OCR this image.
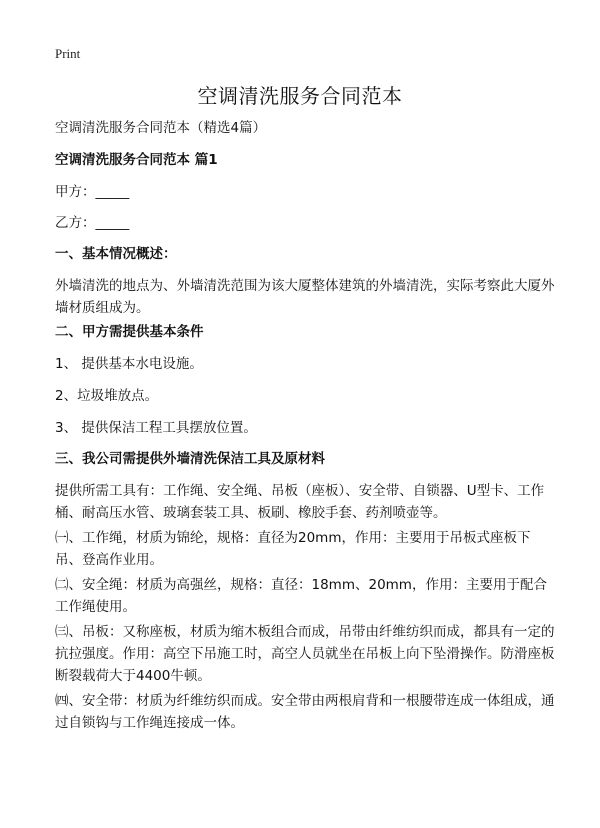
Print
空调清洗服务合同范本
空调清洗服务合同范本（精选4篇）
空调清洗服务合同范本 篇1
甲方：_____
乙方：_____
一、基本情况概述：
外墙清洗的地点为、外墙清洗范围为该大厦整体建筑的外墙清洗，实际考察此大厦外墙材质组成为。
二、甲方需提供基本条件
1、 提供基本水电设施。
2、垃圾堆放点。
3、 提供保洁工程工具摆放位置。
三、我公司需提供外墙清洗保洁工具及原材料
提供所需工具有：工作绳、安全绳、吊板（座板）、安全带、自锁器、U型卡、工作桶、耐高压水管、玻璃套装工具、板刷、橡胶手套、药剂喷壶等。
㈠、工作绳，材质为锦纶，规格：直径为20mm，作用：主要用于吊板式座板下吊、登高作业用。
㈡、安全绳：材质为高强丝，规格：直径：18mm、20mm，作用：主要用于配合工作绳使用。
㈢、吊板：又称座板，材质为缩木板组合而成，吊带由纤维纺织而成，都具有一定的抗拉强度。作用：高空下吊施工时，高空人员就坐在吊板上向下坠滑操作。防滑座板断裂载荷大于4400牛顿。
㈣、安全带：材质为纤维纺织而成。安全带由两根肩背和一根腰带连成一体组成，通过自锁钩与工作绳连接成一体。
